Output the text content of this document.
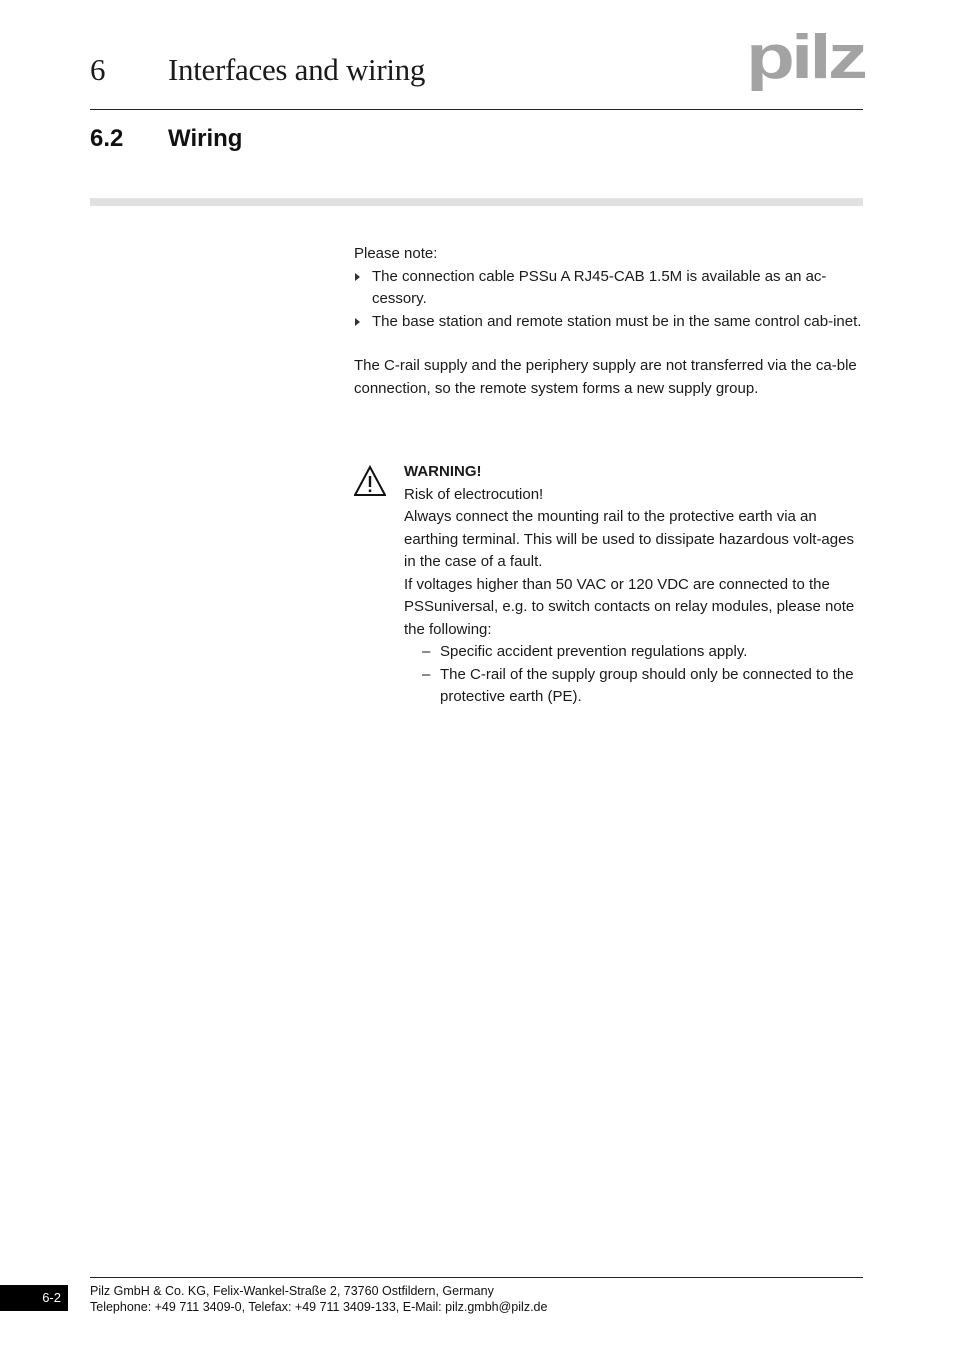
6 Interfaces and wiring	pilz
6.2 Wiring

Please note:

The connection cable PSSu A RJ45-CAB 1.5M is available as an ac-cessory.
The base station and remote station must be in the same control cab-inet.

The C-rail supply and the periphery supply are not transferred via the ca-ble connection, so the remote system forms a new supply group.

WARNING!

Risk of electrocution!

Always connect the mounting rail to the protective earth via an earthing terminal. This will be used to dissipate hazardous volt-ages in the case of a fault.

If voltages higher than 50 VAC or 120 VDC are connected to the PSSuniversal, e.g. to switch contacts on relay modules, please note the following:

– Specific accident prevention regulations apply.
– The C-rail of the supply group should only be connected to the protective earth (PE).
6-2	Pilz GmbH & Co. KG, Felix-Wankel-Straße 2, 73760 Ostfildern, Germany
Telephone: +49 711 3409-0, Telefax: +49 711 3409-133, E-Mail: pilz.gmbh@pilz.de
